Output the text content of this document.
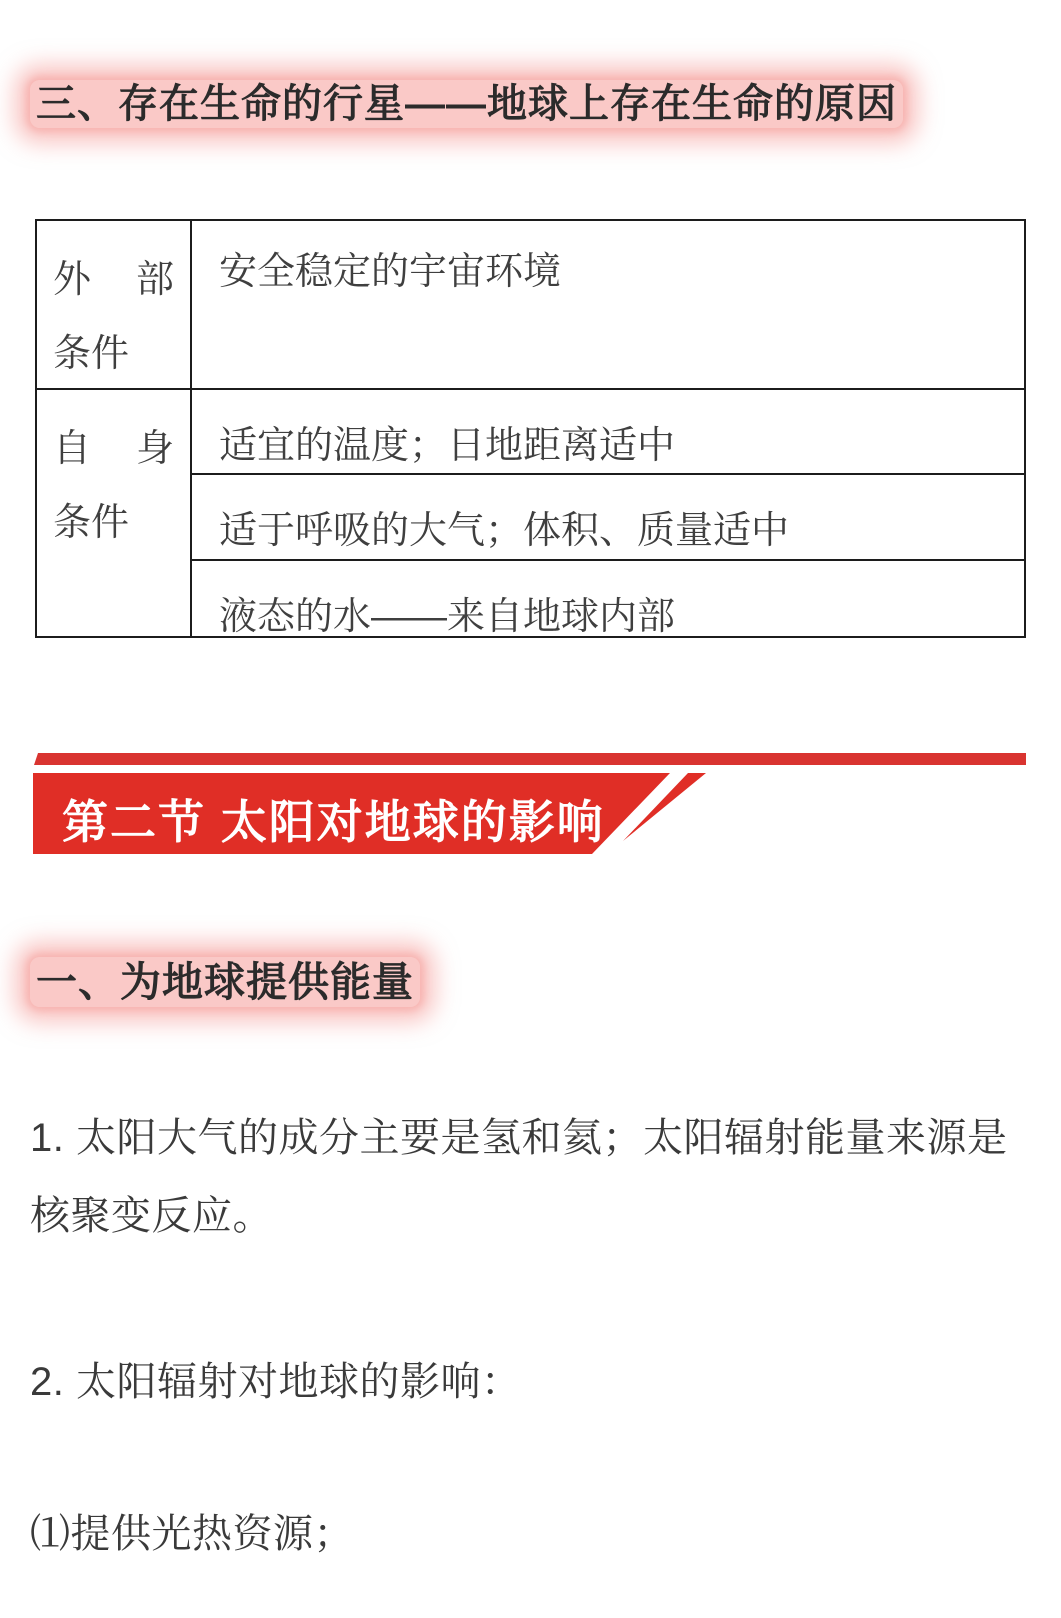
三、存在生命的行星——地球上存在生命的原因
外部
条件
安全稳定的宇宙环境
自身
条件
适宜的温度；日地距离适中
适于呼吸的大气；体积、质量适中
液态的水——来自地球内部
第二节 太阳对地球的影响
一、为地球提供能量
1. 太阳大气的成分主要是氢和氦；太阳辐射能量来源是核聚变反应。
2. 太阳辐射对地球的影响：
⑴提供光热资源；
